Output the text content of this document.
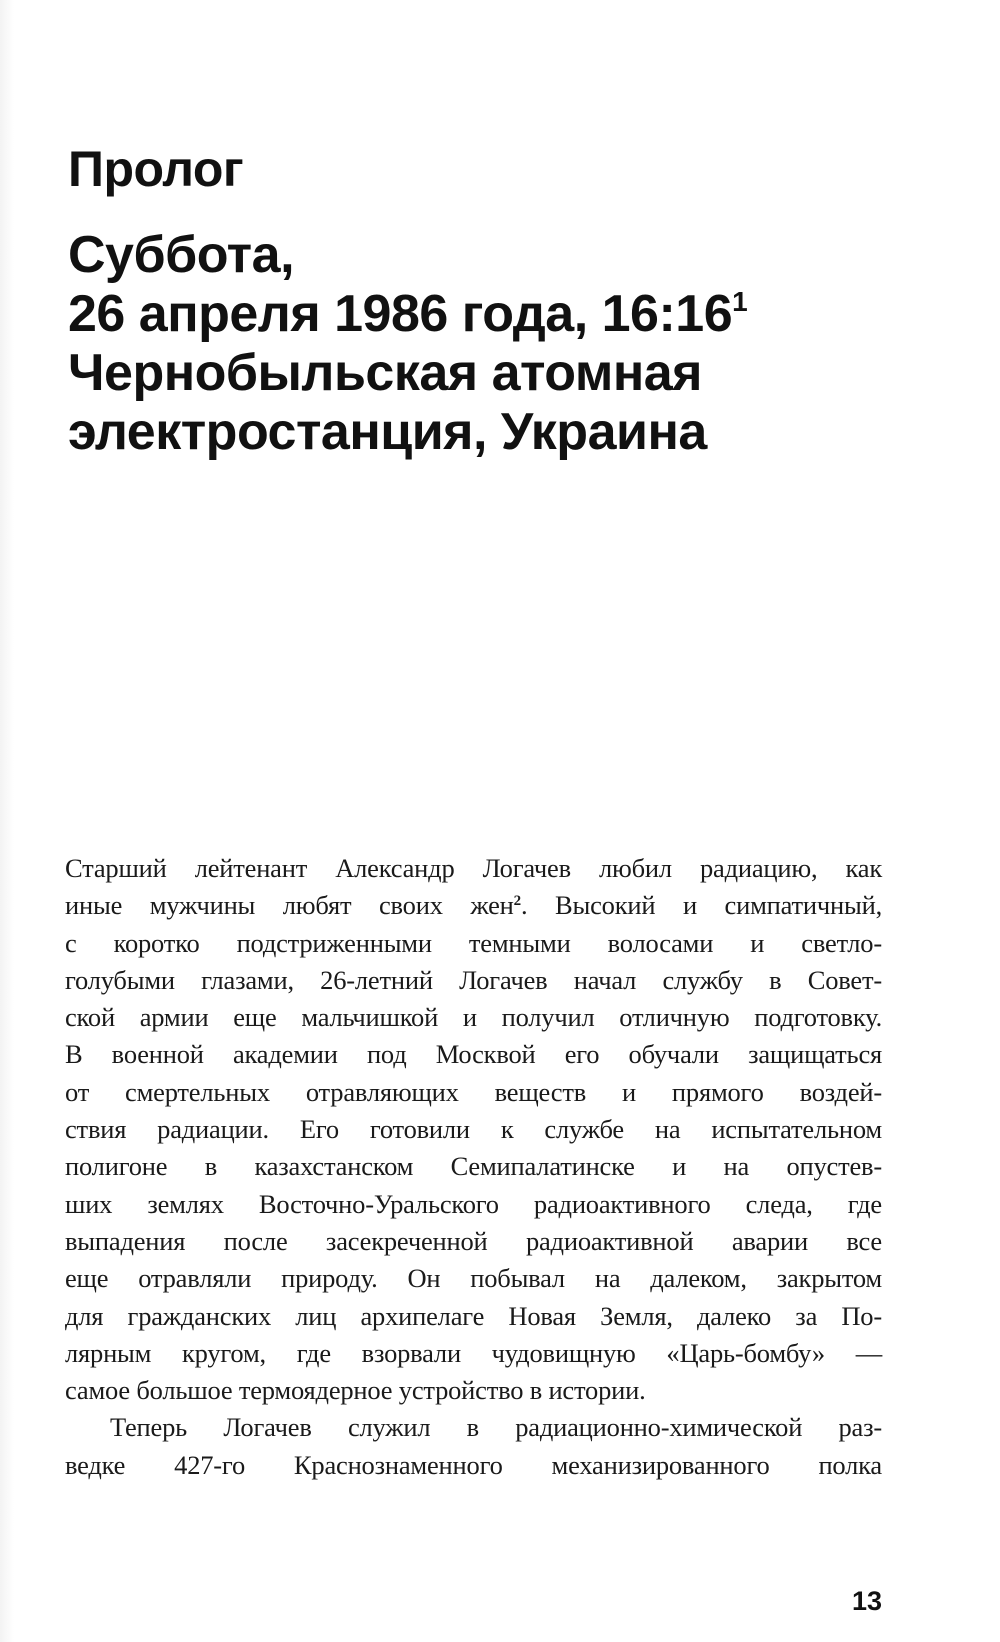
Пролог
Суббота,
26 апреля 1986 года, $16:16^1$
Чернобыльская атомная
электростанция, Украина
Старший лейтенант Александр Логачев любил радиацию, как
иные мужчины любят своих жен$^2$. Высокий и симпатичный,
с коротко подстриженными темными волосами и светло-
голубыми глазами, 26-летний Логачев начал службу в Совет-
ской армии еще мальчишкой и получил отличную подготовку.
В военной академии под Москвой его обучали защищаться
от смертельных отравляющих веществ и прямого воздей-
ствия радиации. Его готовили к службе на испытательном
полигоне в казахстанском Семипалатинске и на опустев-
ших землях Восточно-Уральского радиоактивного следа, где
выпадения после засекреченной радиоактивной аварии все
еще отравляли природу. Он побывал на далеком, закрытом
для гражданских лиц архипелаге Новая Земля, далеко за По-
лярным кругом, где взорвали чудовищную «Царь-бомбу» —
самое большое термоядерное устройство в истории.
Теперь Логачев служил в радиационно-химической раз-
ведке 427-го Краснознаменного механизированного полка
13
